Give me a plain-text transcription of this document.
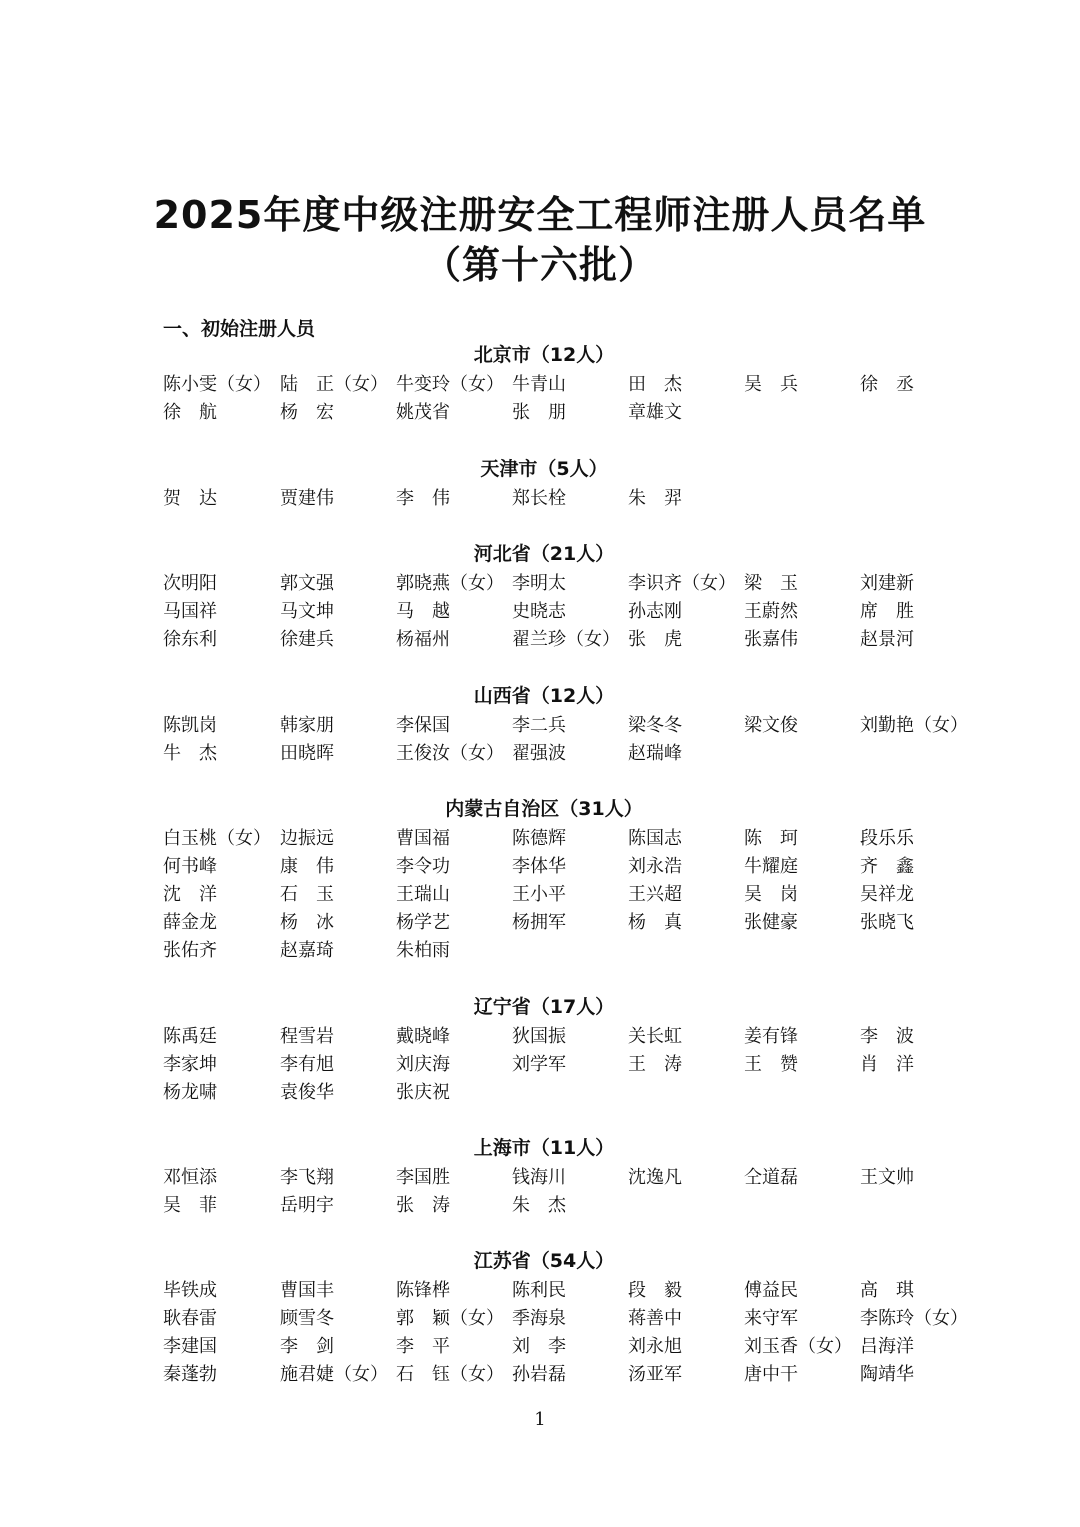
2025年度中级注册安全工程师注册人员名单
（第十六批）
一、初始注册人员
北京市（12人）
陈小雯（女） 陆　正（女） 牛变玲（女） 牛青山	田　杰	吴　兵	徐　丞
徐　航	杨　宏	姚茂省	张　朋	章雄文
天津市（5人）
贺　达	贾建伟	李　伟	郑长栓	朱　羿
河北省（21人）
次明阳	郭文强	郭晓燕（女） 李明太	李识齐（女） 梁　玉	刘建新
马国祥	马文坤	马　越	史晓志	孙志刚	王蔚然	席　胜
徐东利	徐建兵	杨福州	翟兰珍（女） 张　虎	张嘉伟	赵景河
山西省（12人）
陈凯岗	韩家朋	李保国	李二兵	梁冬冬	梁文俊	刘勤艳（女）
牛　杰	田晓晖	王俊汝（女） 翟强波	赵瑞峰
内蒙古自治区（31人）
白玉桃（女） 边振远	曹国福	陈德辉	陈国志	陈　珂	段乐乐
何书峰	康　伟	李令功	李体华	刘永浩	牛耀庭	齐　鑫
沈　洋	石　玉	王瑞山	王小平	王兴超	吴　岗	吴祥龙
薛金龙	杨　冰	杨学艺	杨拥军	杨　真	张健豪	张晓飞
张佑齐	赵嘉琦	朱柏雨
辽宁省（17人）
陈禹廷	程雪岩	戴晓峰	狄国振	关长虹	姜有锋	李　波
李家坤	李有旭	刘庆海	刘学军	王　涛	王　赞	肖　洋
杨龙啸	袁俊华	张庆祝
上海市（11人）
邓恒添	李飞翔	李国胜	钱海川	沈逸凡	仝道磊	王文帅
吴　菲	岳明宇	张　涛	朱　杰
江苏省（54人）
毕铁成	曹国丰	陈锋桦	陈利民	段　毅	傅益民	高　琪
耿春雷	顾雪冬	郭　颖（女） 季海泉	蒋善中	来守军	李陈玲（女）
李建国	李　剑	李　平	刘　李	刘永旭	刘玉香（女） 吕海洋
秦蓬勃	施君婕（女） 石　钰（女） 孙岩磊	汤亚军	唐中干	陶靖华
1
